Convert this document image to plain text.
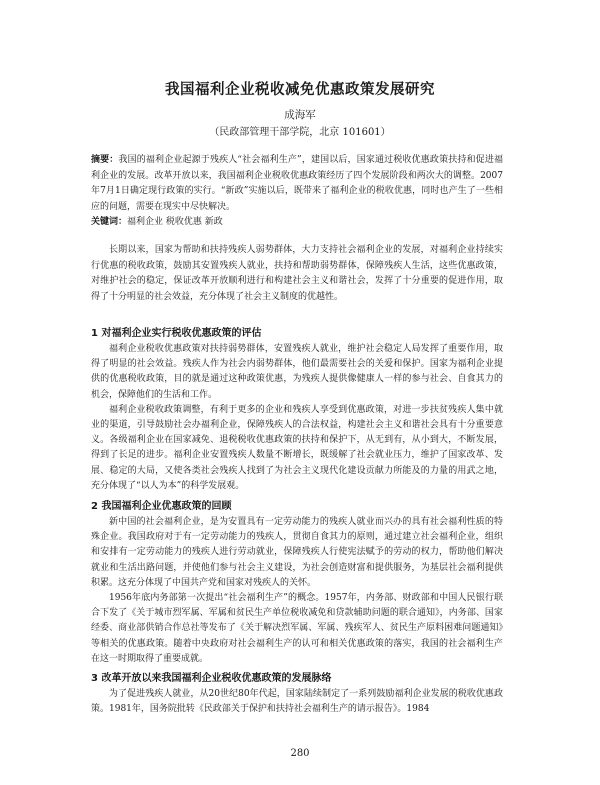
我国福利企业税收减免优惠政策发展研究
成海军
（民政部管理干部学院，北京 101601）

摘要：我国的福利企业起源于残疾人“社会福利生产”，建国以后，国家通过税收优惠政策扶持和促进福利企业的发展。改革开放以来，我国福利企业税收优惠政策经历了四个发展阶段和两次大的调整。2007年7月1日确定现行政策的实行。“新政”实施以后，既带来了福利企业的税收优惠，同时也产生了一些相应的问题，需要在现实中尽快解决。

关键词：福利企业 税收优惠 新政

长期以来，国家为帮助和扶持残疾人弱势群体，大力支持社会福利企业的发展，对福利企业持续实行优惠的税收政策，鼓励其安置残疾人就业，扶持和帮助弱势群体，保障残疾人生活，这些优惠政策，对维护社会的稳定，保证改革开放顺利进行和构建社会主义和谐社会，发挥了十分重要的促进作用，取得了十分明显的社会效益，充分体现了社会主义制度的优越性。

1 对福利企业实行税收优惠政策的评估

福利企业税收优惠政策对扶持弱势群体，安置残疾人就业，维护社会稳定人局发挥了重要作用，取得了明显的社会效益。残疾人作为社会内弱势群体，他们最需要社会的关爱和保护。国家为福利企业提供的优惠税收政策，目的就是通过这种政策优惠，为残疾人提供像健康人一样的参与社会、自食其力的机会，保障他们的生活和工作。

福利企业税收政策调整，有利于更多的企业和残疾人享受到优惠政策，对进一步扶贫残疾人集中就业的渠道，引导鼓励社会办福利企业，保障残疾人的合法权益，构建社会主义和谐社会具有十分重要意义。各级福利企业在国家减免、退税税收优惠政策的扶持和保护下，从无到有，从小到大，不断发展，得到了长足的进步。福利企业安置残疾人数量不断增长，既缓解了社会就业压力，维护了国家改革、发展、稳定的大局，又使各类社会残疾人找到了为社会主义现代化建设贡献力所能及的力量的用武之地，充分体现了“以人为本”的科学发展观。

2 我国福利企业优惠政策的回顾

新中国的社会福利企业，是为安置具有一定劳动能力的残疾人就业而兴办的具有社会福利性质的特殊企业。我国政府对于有一定劳动能力的残疾人，贯彻自食其力的原则，通过建立社会福利企业，组织和安排有一定劳动能力的残疾人进行劳动就业，保障残疾人行使宪法赋予的劳动的权力，帮助他们解决就业和生活出路问题，并使他们参与社会主义建设，为社会创造财富和提供服务，为基层社会福利提供积累。这充分体现了中国共产党和国家对残疾人的关怀。

1956年底内务部第一次提出“社会福利生产”的概念。1957年，内务部、财政部和中国人民银行联合下发了《关于城市烈军属、军属和贫民生产单位税收减免和贷款辅助问题的联合通知》，内务部、国家经委、商业部供销合作总社等发布了《关于解决烈军属、军属、残疾军人、贫民生产原料困难问题通知》等相关的优惠政策。随着中央政府对社会福利生产的认可和相关优惠政策的落实，我国的社会福利生产在这一时期取得了重要成就。

3 改革开放以来我国福利企业税收优惠政策的发展脉络

为了促进残疾人就业，从20世纪80年代起，国家陆续制定了一系列鼓励福利企业发展的税收优惠政策。1981年，国务院批转《民政部关于保护和扶持社会福利生产的请示报告》。1984

280
